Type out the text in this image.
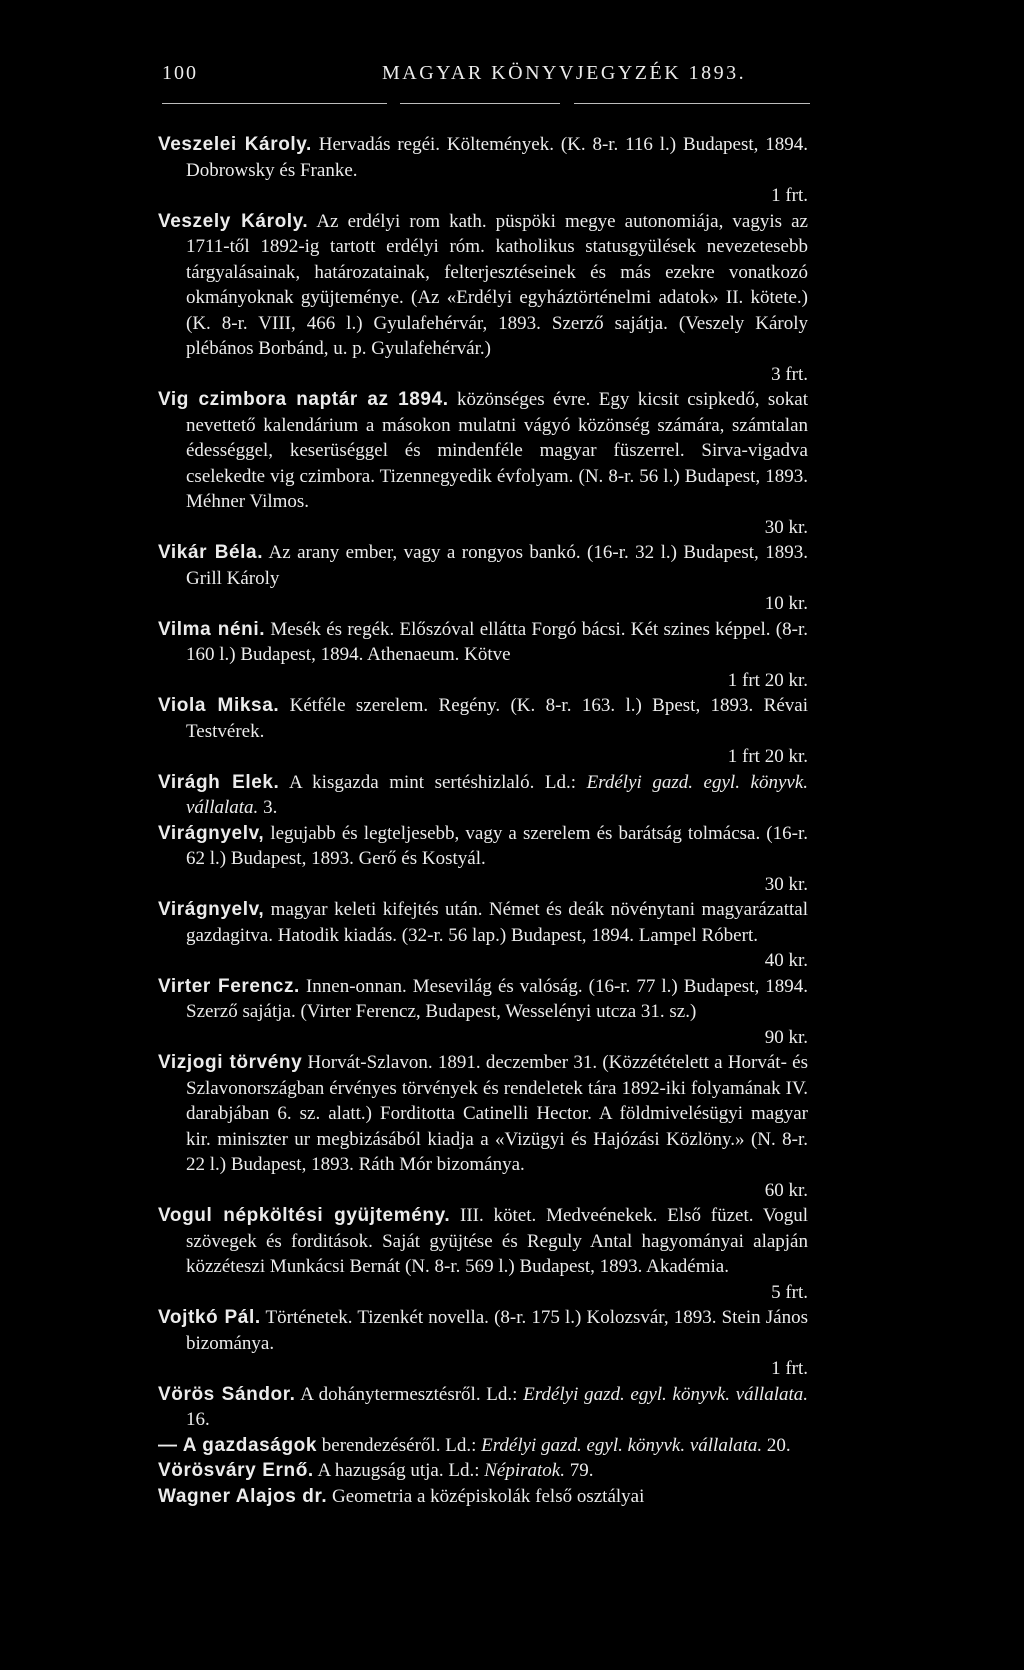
100	MAGYAR KÖNYVJEGYZÉK 1893.

Veszelei Károly. Hervadás regéi. Költemények. (K. 8-r. 116 l.) Budapest, 1894. Dobrowsky és Franke.
1 frt.

Veszely Károly. Az erdélyi rom kath. püspöki megye autonomiája, vagyis az 1711-től 1892-ig tartott erdélyi róm. katholikus statusgyülések nevezetesebb tárgyalásainak, határozatainak, felterjesztéseinek és más ezekre vonatkozó okmányoknak gyüjteménye. (Az «Erdélyi egyháztörténelmi adatok» II. kötete.) (K. 8-r. VIII, 466 l.) Gyulafehérvár, 1893. Szerző sajátja. (Veszely Károly plébános Borbánd, u. p. Gyulafehérvár.)
3 frt.

Vig czimbora naptár az 1894. közönséges évre. Egy kicsit csipkedő, sokat nevettető kalendárium a másokon mulatni vágyó közönség számára, számtalan édességgel, keserüséggel és mindenféle magyar füszerrel. Sirva-vigadva cselekedte vig czimbora. Tizennegyedik évfolyam. (N. 8-r. 56 l.) Budapest, 1893. Méhner Vilmos.
30 kr.

Vikár Béla. Az arany ember, vagy a rongyos bankó. (16-r. 32 l.) Budapest, 1893. Grill Károly
10 kr.

Vilma néni. Mesék és regék. Előszóval ellátta Forgó bácsi. Két szines képpel. (8-r. 160 l.) Budapest, 1894. Athenaeum. Kötve
1 frt 20 kr.

Viola Miksa. Kétféle szerelem. Regény. (K. 8-r. 163. l.) Bpest, 1893. Révai Testvérek.
1 frt 20 kr.

Virágh Elek. A kisgazda mint sertéshizlaló. Ld.: Erdélyi gazd. egyl. könyvk. vállalata. 3.

Virágnyelv, legujabb és legteljesebb, vagy a szerelem és barátság tolmácsa. (16-r. 62 l.) Budapest, 1893. Gerő és Kostyál.
30 kr.

Virágnyelv, magyar keleti kifejtés után. Német és deák növénytani magyarázattal gazdagitva. Hatodik kiadás. (32-r. 56 lap.) Budapest, 1894. Lampel Róbert.
40 kr.

Virter Ferencz. Innen-onnan. Mesevilág és valóság. (16-r. 77 l.) Budapest, 1894. Szerző sajátja. (Virter Ferencz, Budapest, Wesselényi utcza 31. sz.)
90 kr.

Vizjogi törvény Horvát-Szlavon. 1891. deczember 31. (Közzétételett a Horvát- és Szlavonországban érvényes törvények és rendeletek tára 1892-iki folyamának IV. darabjában 6. sz. alatt.) Forditotta Catinelli Hector. A földmivelésügyi magyar kir. miniszter ur megbizásából kiadja a «Vizügyi és Hajózási Közlöny.» (N. 8-r. 22 l.) Budapest, 1893. Ráth Mór bizománya.
60 kr.

Vogul népköltési gyüjtemény. III. kötet. Medveénekek. Első füzet. Vogul szövegek és forditások. Saját gyüjtése és Reguly Antal hagyományai alapján közzéteszi Munkácsi Bernát (N. 8-r. 569 l.) Budapest, 1893. Akadémia.
5 frt.

Vojtkó Pál. Történetek. Tizenkét novella. (8-r. 175 l.) Kolozsvár, 1893. Stein János bizománya.
1 frt.

Vörös Sándor. A dohánytermesztésről. Ld.: Erdélyi gazd. egyl. könyvk. vállalata. 16.

— A gazdaságok berendezéséről. Ld.: Erdélyi gazd. egyl. könyvk. vállalata. 20.

Vörösváry Ernő. A hazugság utja. Ld.: Népiratok. 79.

Wagner Alajos dr. Geometria a középiskolák felső osztályai
